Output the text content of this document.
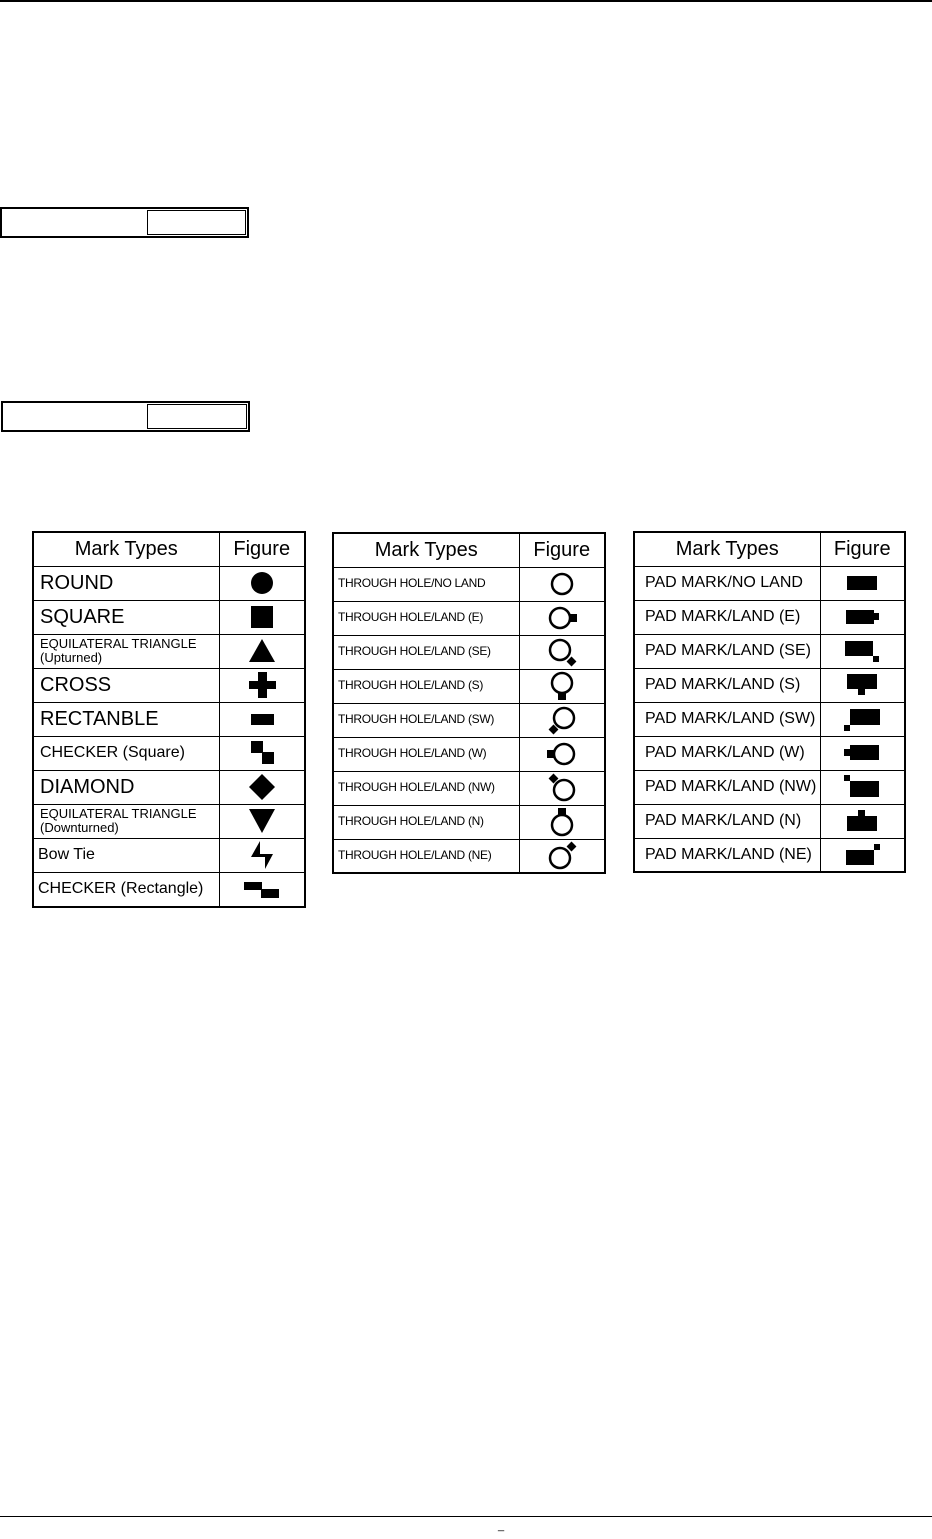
Mark Types	Figure
ROUND	

SQUARE	

EQUILATERAL TRIANGLE
(Upturned)

CROSS	

RECTANBLE	

CHECKER (Square)	

DIAMOND	

EQUILATERAL TRIANGLE
(Downturned)

Bow Tie	

CHECKER (Rectangle)	
Mark Types	Figure
THROUGH HOLE/NO LAND	

THROUGH HOLE/LAND (E)	

THROUGH HOLE/LAND (SE)	

THROUGH HOLE/LAND (S)	

THROUGH HOLE/LAND (SW)	

THROUGH HOLE/LAND (W)	

THROUGH HOLE/LAND (NW)	

THROUGH HOLE/LAND (N)	

THROUGH HOLE/LAND (NE)	
Mark Types	Figure
PAD MARK/NO LAND	

PAD MARK/LAND (E)	

PAD MARK/LAND (SE)	

PAD MARK/LAND (S)	

PAD MARK/LAND (SW)	

PAD MARK/LAND (W)	

PAD MARK/LAND (NW)	

PAD MARK/LAND (N)	

PAD MARK/LAND (NE)	
_
